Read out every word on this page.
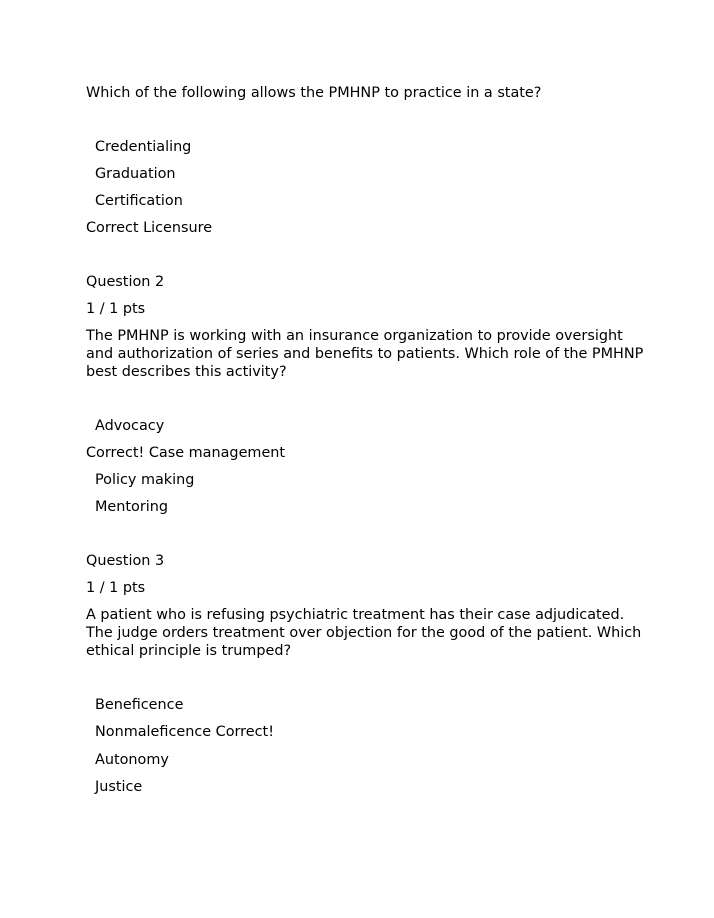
Which of the following allows the PMHNP to practice in a state?
Credentialing
Graduation
Certification
Correct Licensure
Question 2
1 / 1 pts
The PMHNP is working with an insurance organization to provide oversight
and authorization of series and benefits to patients. Which role of the PMHNP
best describes this activity?
Advocacy
Correct! Case management
Policy making
Mentoring
Question 3
1 / 1 pts
A patient who is refusing psychiatric treatment has their case adjudicated.
The judge orders treatment over objection for the good of the patient. Which
ethical principle is trumped?
Beneficence
Nonmaleficence Correct!
Autonomy
Justice
